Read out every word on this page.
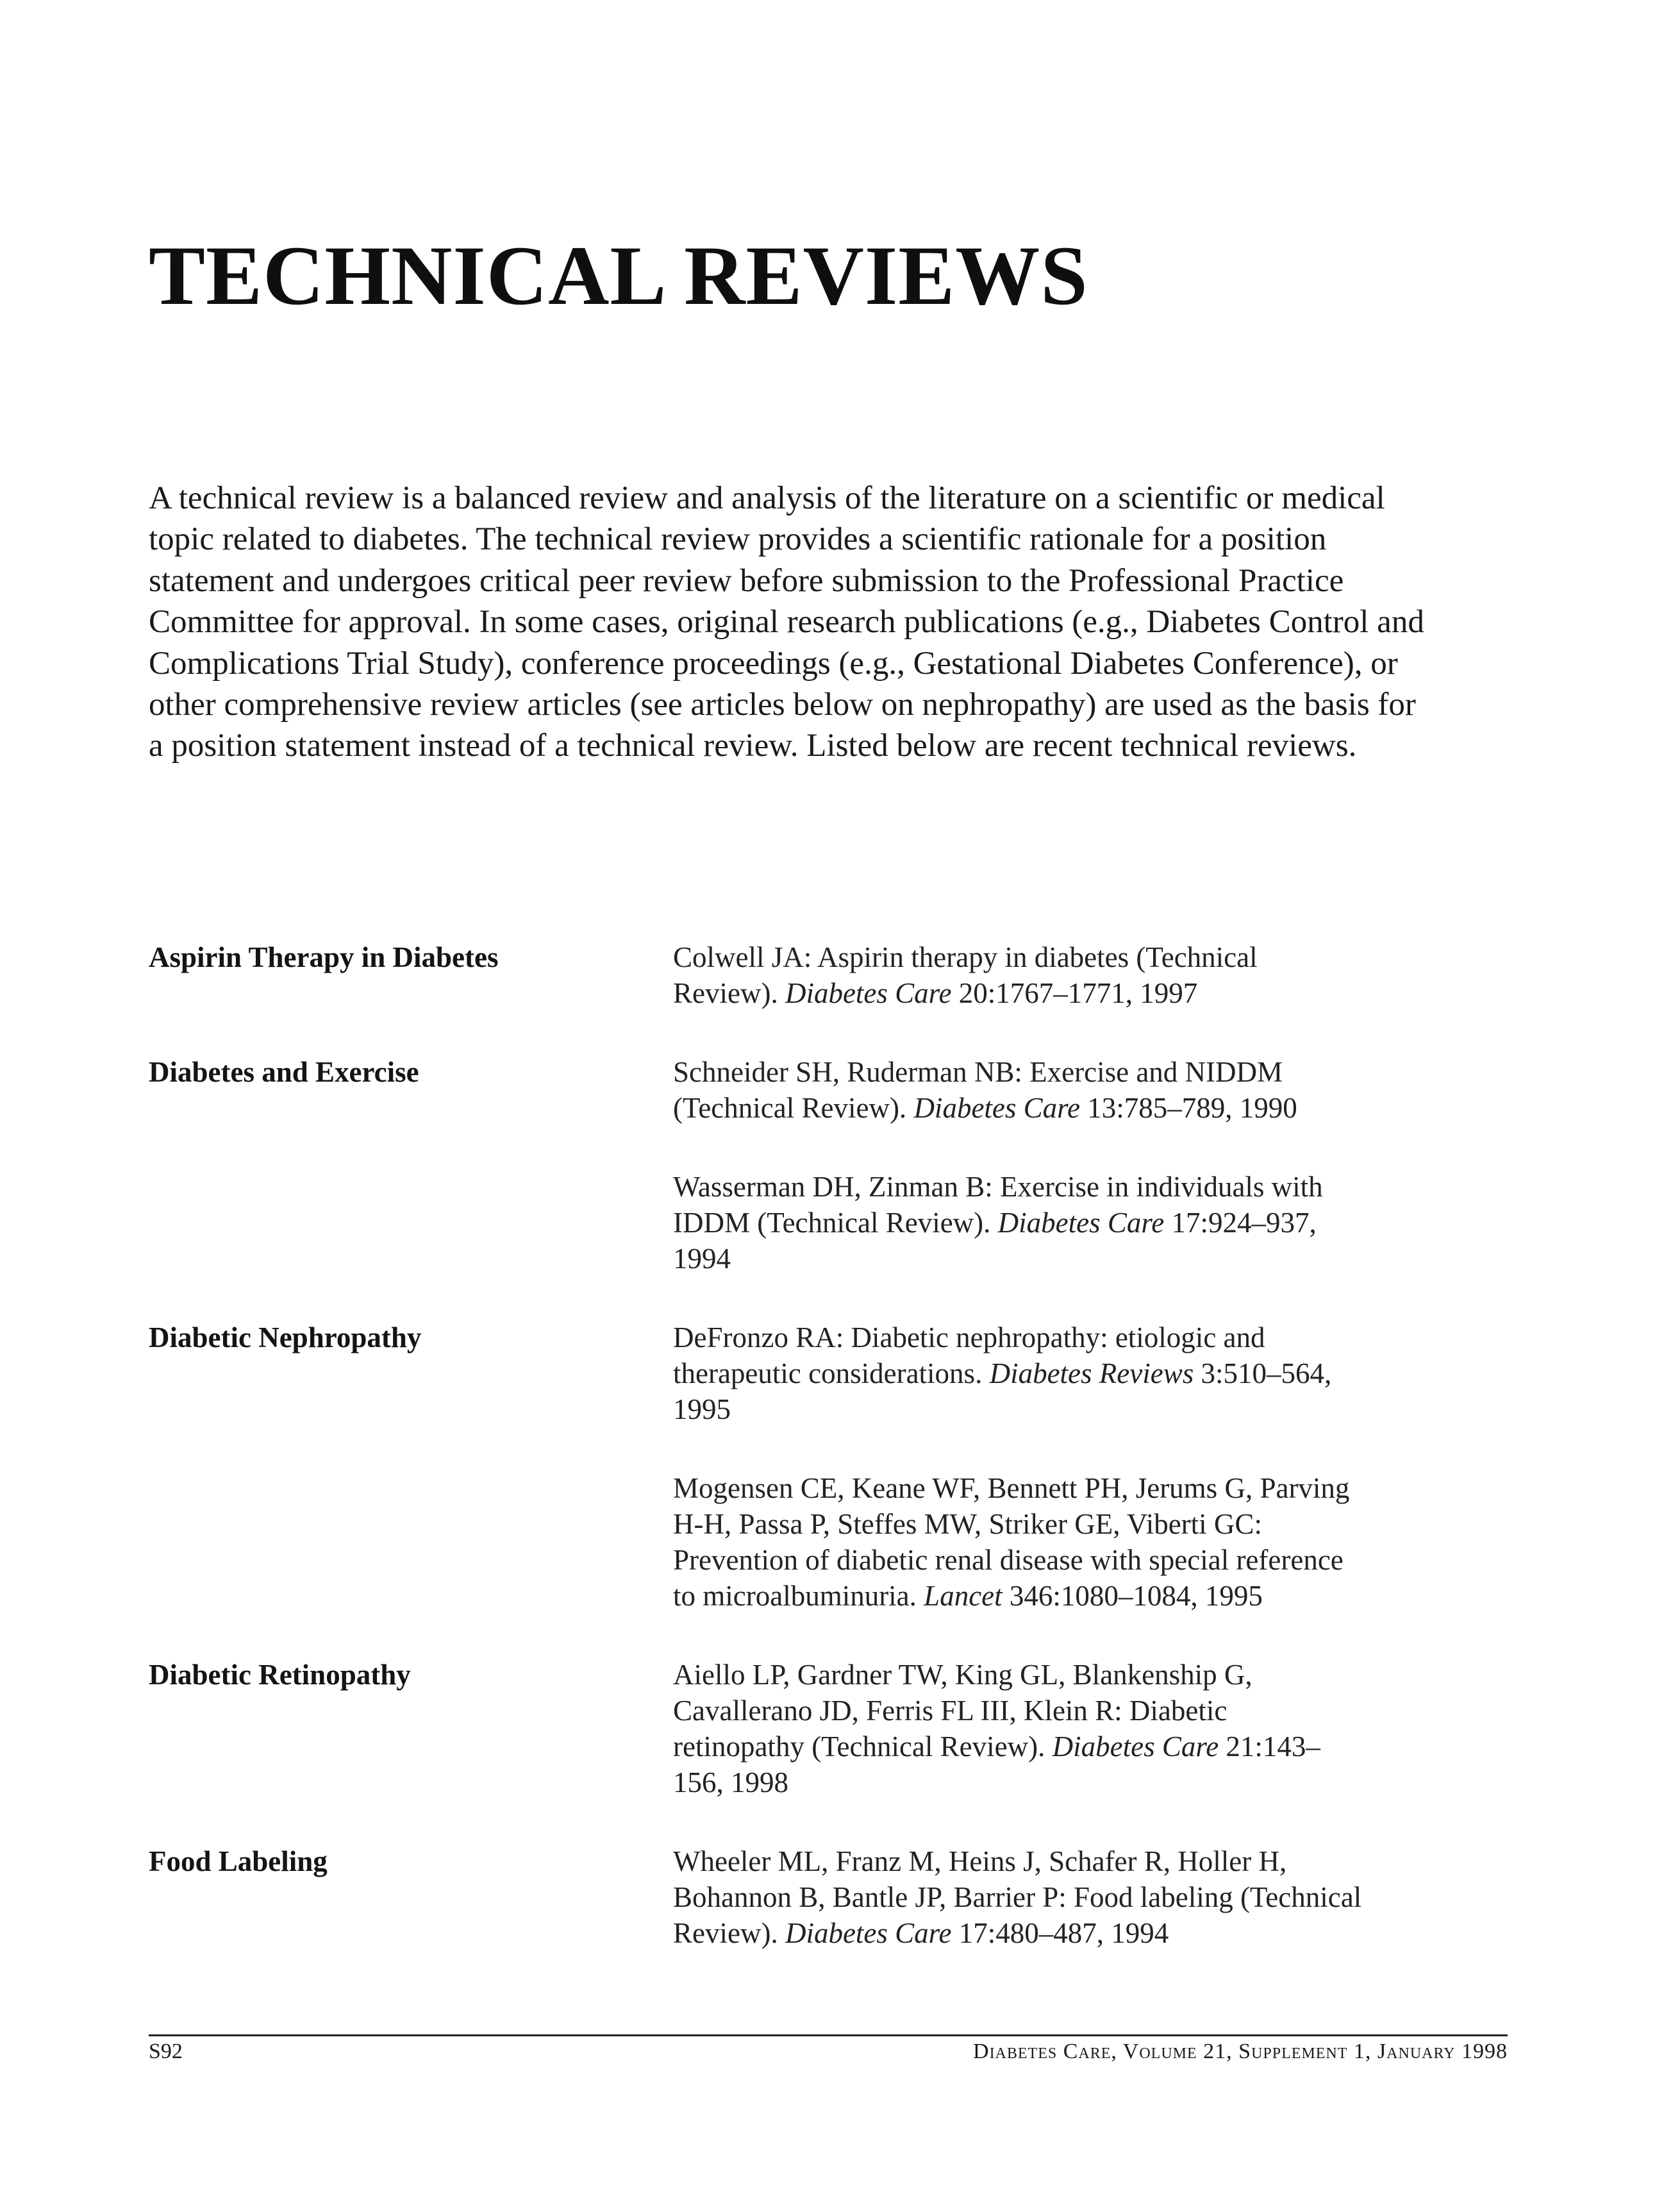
TECHNICAL REVIEWS

A technical review is a balanced review and analysis of the literature on a scientific or medical topic related to diabetes. The technical review provides a scientific rationale for a position statement and undergoes critical peer review before submission to the Professional Practice Committee for approval. In some cases, original research publications (e.g., Diabetes Control and Complications Trial Study), conference proceedings (e.g., Gestational Diabetes Conference), or other comprehensive review articles (see articles below on nephropathy) are used as the basis for a position statement instead of a technical review. Listed below are recent technical reviews.

Aspirin Therapy in Diabetes	Colwell JA: Aspirin therapy in diabetes (Technical Review). Diabetes Care 20:1767–1771, 1997
Diabetes and Exercise	Schneider SH, Ruderman NB: Exercise and NIDDM (Technical Review). Diabetes Care 13:785–789, 1990
Wasserman DH, Zinman B: Exercise in individuals with IDDM (Technical Review). Diabetes Care 17:924–937, 1994
Diabetic Nephropathy	DeFronzo RA: Diabetic nephropathy: etiologic and therapeutic considerations. Diabetes Reviews 3:510–564, 1995
Mogensen CE, Keane WF, Bennett PH, Jerums G, Parving H-H, Passa P, Steffes MW, Striker GE, Viberti GC: Prevention of diabetic renal disease with special reference to microalbuminuria. Lancet 346:1080–1084, 1995
Diabetic Retinopathy	Aiello LP, Gardner TW, King GL, Blankenship G, Cavallerano JD, Ferris FL III, Klein R: Diabetic retinopathy (Technical Review). Diabetes Care 21:143–156, 1998
Food Labeling	Wheeler ML, Franz M, Heins J, Schafer R, Holler H, Bohannon B, Bantle JP, Barrier P: Food labeling (Technical Review). Diabetes Care 17:480–487, 1994
S92	Diabetes Care, Volume 21, Supplement 1, January 1998
